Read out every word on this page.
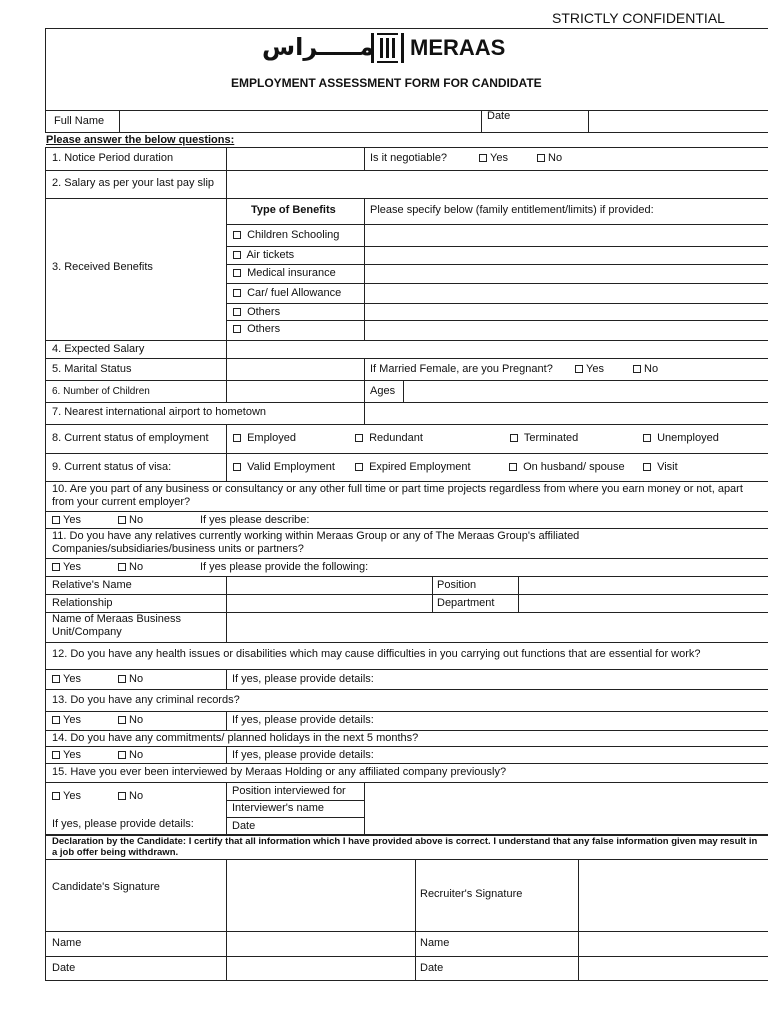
STRICTLY CONFIDENTIAL
مـــــراس MERAAS
EMPLOYMENT ASSESSMENT FORM FOR CANDIDATE
Full Name	Date
Please answer the below questions:
1. Notice Period duration	Is it negotiable?	Yes	No
2. Salary as per your last pay slip
3. Received Benefits
Type of Benefits	Please specify below (family entitlement/limits) if provided:
Children Schooling
Air tickets
Medical insurance
Car/ fuel Allowance
Others
Others
4. Expected Salary
5. Marital Status	If Married Female, are you Pregnant?	Yes	No
6. Number of Children	Ages
7. Nearest international airport to hometown
8. Current status of employment	Employed	Redundant	Terminated	Unemployed
9. Current status of visa:	Valid Employment	Expired Employment	On husband/ spouse	Visit
10. Are you part of any business or consultancy or any other full time or part time projects regardless from where you earn money or not, apart from your current employer?
Yes	No	If yes please describe:
11. Do you have any relatives currently working within Meraas Group or any of The Meraas Group's affiliated Companies/subsidiaries/business units or partners?
Yes	No	If yes please provide the following:
Relative's Name	Position
Relationship	Department
Name of Meraas Business Unit/Company
12. Do you have any health issues or disabilities which may cause difficulties in you carrying out functions that are essential for work?
Yes	No	If yes, please provide details:
13. Do you have any criminal records?
Yes	No	If yes, please provide details:
14. Do you have any commitments/ planned holidays in the next 5 months?
Yes	No	If yes, please provide details:
15. Have you ever been interviewed by Meraas Holding or any affiliated company previously?
Yes	No
If yes, please provide details:
Position interviewed for
Interviewer's name
Date
Declaration by the Candidate: I certify that all information which I have provided above is correct. I understand that any false information given may result in a job offer being withdrawn.
Candidate's Signature
Recruiter's Signature
Name	Name
Date	Date
